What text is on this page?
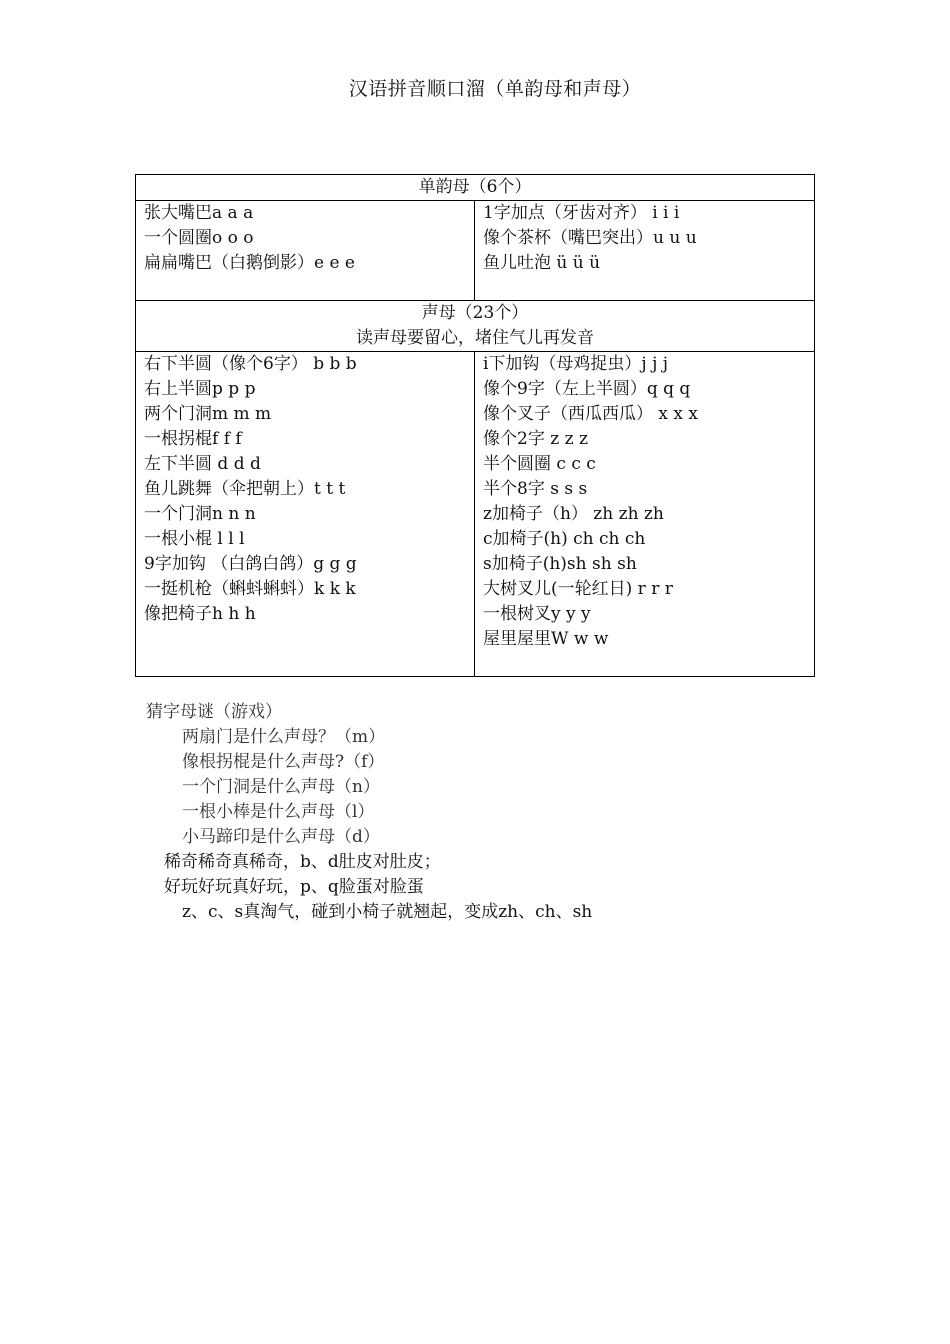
汉语拼音顺口溜（单韵母和声母）
单韵母（6个）
张大嘴巴a a a
一个圆圈o o o
扁扁嘴巴（白鹅倒影）e e e
1字加点（牙齿对齐） i i i
像个茶杯（嘴巴突出）u u u
鱼儿吐泡 ü ü ü
声母（23个）
读声母要留心，堵住气儿再发音
右下半圆（像个6字） b b b
右上半圆p p p
两个门洞m m m
一根拐棍f f f
左下半圆 d d d
鱼儿跳舞（伞把朝上）t t t
一个门洞n n n
一根小棍 l l l
9字加钩 （白鸽白鸽）g g g
一挺机枪（蝌蚪蝌蚪）k k k
像把椅子h h h
i下加钩（母鸡捉虫）j j j
像个9字（左上半圆）q q q
像个叉子（西瓜西瓜） x x x
像个2字 z z z
半个圆圈 c c c
半个8字 s s s
z加椅子（h） zh zh zh
c加椅子(h) ch ch ch
s加椅子(h)sh sh sh
大树叉儿(一轮红日) r r r
一根树叉y y y
屋里屋里W w w
猜字母谜（游戏）
两扇门是什么声母？（m）
像根拐棍是什么声母?（f）
一个门洞是什么声母（n）
一根小棒是什么声母（l）
小马蹄印是什么声母（d）
稀奇稀奇真稀奇，b、d肚皮对肚皮；
好玩好玩真好玩，p、q脸蛋对脸蛋
z、c、s真淘气，碰到小椅子就翘起，变成zh、ch、sh
